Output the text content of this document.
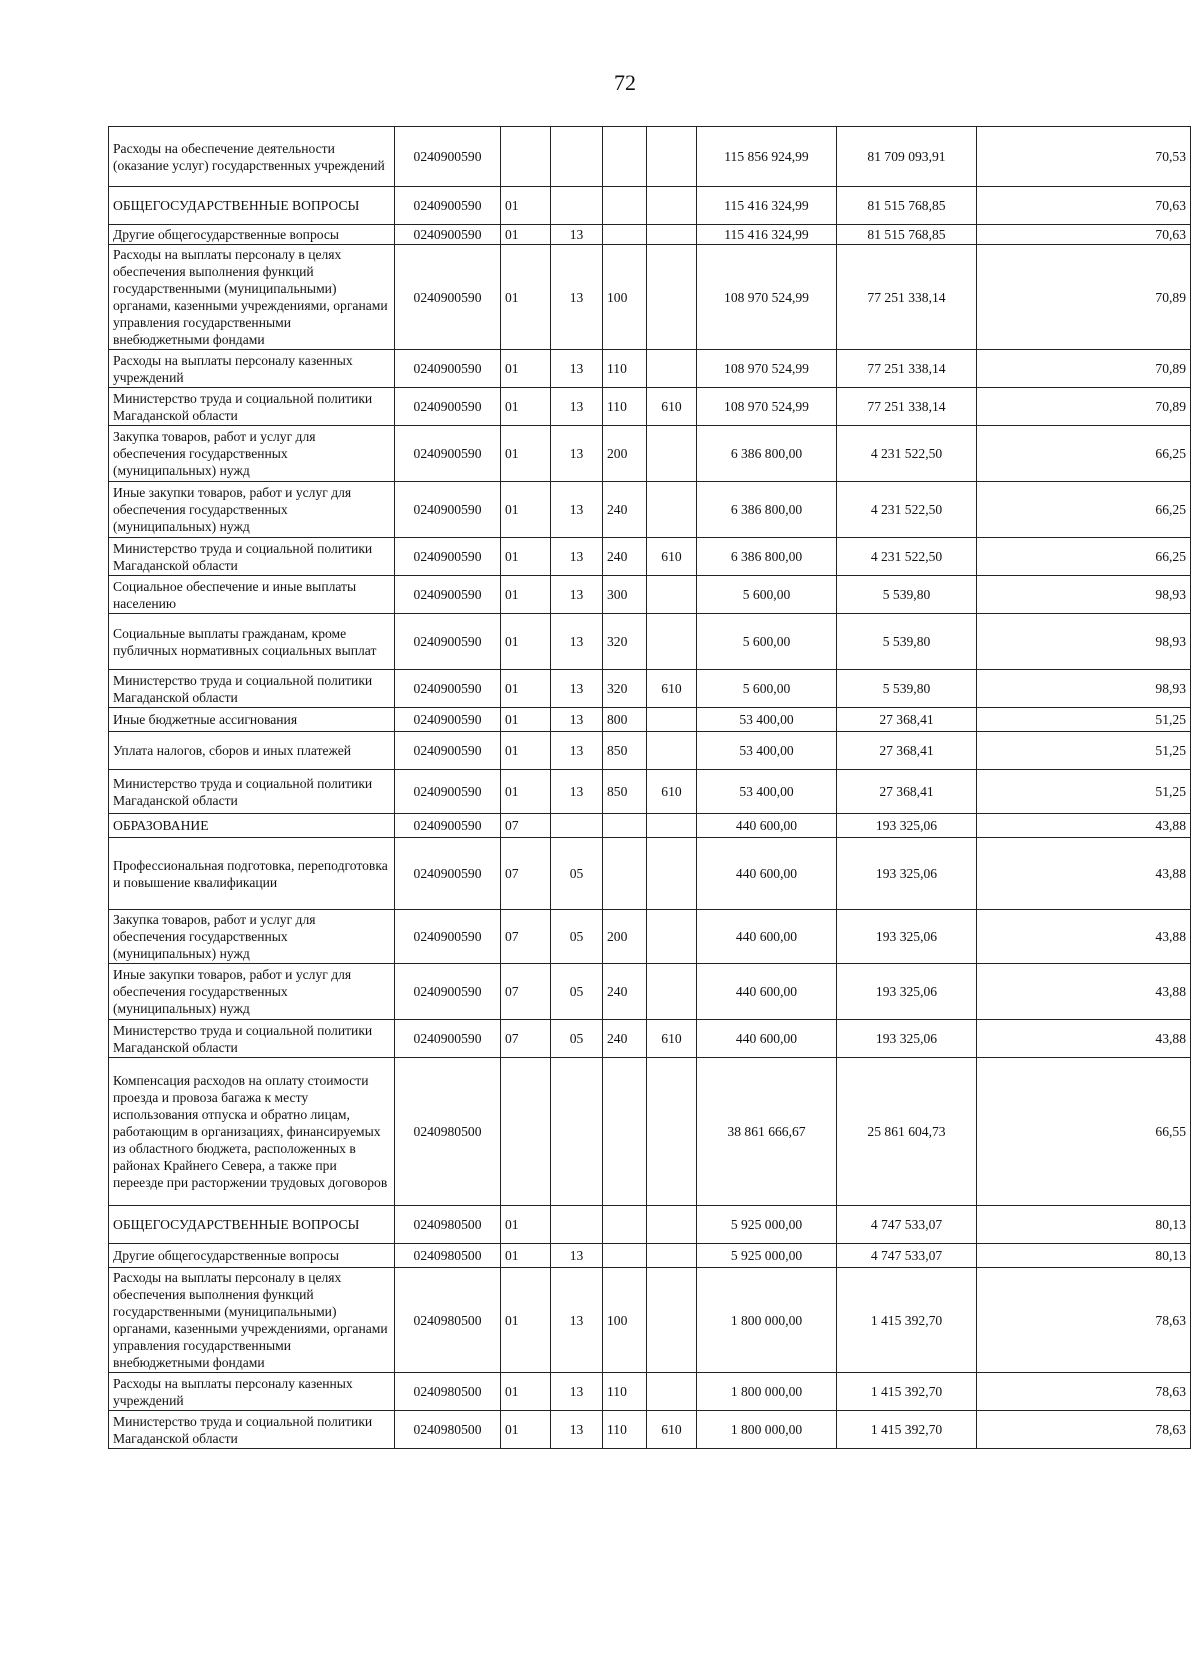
72
Расходы на обеспечение деятельности (оказание услуг) государственных учреждений	0240900590					115 856 924,99	81 709 093,91	70,53
ОБЩЕГОСУДАРСТВЕННЫЕ ВОПРОСЫ	0240900590	01				115 416 324,99	81 515 768,85	70,63
Другие общегосударственные вопросы	0240900590	01	13			115 416 324,99	81 515 768,85	70,63
Расходы на выплаты персоналу в целях обеспечения выполнения функций государственными (муниципальными) органами, казенными учреждениями, органами управления государственными внебюджетными фондами	0240900590	01	13	100		108 970 524,99	77 251 338,14	70,89
Расходы на выплаты персоналу казенных учреждений	0240900590	01	13	110		108 970 524,99	77 251 338,14	70,89
Министерство труда и социальной политики Магаданской области	0240900590	01	13	110	610	108 970 524,99	77 251 338,14	70,89
Закупка товаров, работ и услуг для обеспечения государственных (муниципальных) нужд	0240900590	01	13	200		6 386 800,00	4 231 522,50	66,25
Иные закупки товаров, работ и услуг для обеспечения государственных (муниципальных) нужд	0240900590	01	13	240		6 386 800,00	4 231 522,50	66,25
Министерство труда и социальной политики Магаданской области	0240900590	01	13	240	610	6 386 800,00	4 231 522,50	66,25
Социальное обеспечение и иные выплаты населению	0240900590	01	13	300		5 600,00	5 539,80	98,93
Социальные выплаты гражданам, кроме публичных нормативных социальных выплат	0240900590	01	13	320		5 600,00	5 539,80	98,93
Министерство труда и социальной политики Магаданской области	0240900590	01	13	320	610	5 600,00	5 539,80	98,93
Иные бюджетные ассигнования	0240900590	01	13	800		53 400,00	27 368,41	51,25
Уплата налогов, сборов и иных платежей	0240900590	01	13	850		53 400,00	27 368,41	51,25
Министерство труда и социальной политики Магаданской области	0240900590	01	13	850	610	53 400,00	27 368,41	51,25
ОБРАЗОВАНИЕ	0240900590	07				440 600,00	193 325,06	43,88
Профессиональная подготовка, переподготовка и повышение квалификации	0240900590	07	05			440 600,00	193 325,06	43,88
Закупка товаров, работ и услуг для обеспечения государственных (муниципальных) нужд	0240900590	07	05	200		440 600,00	193 325,06	43,88
Иные закупки товаров, работ и услуг для обеспечения государственных (муниципальных) нужд	0240900590	07	05	240		440 600,00	193 325,06	43,88
Министерство труда и социальной политики Магаданской области	0240900590	07	05	240	610	440 600,00	193 325,06	43,88
Компенсация расходов на оплату стоимости проезда и провоза багажа к месту использования отпуска и обратно лицам, работающим в организациях, финансируемых из областного бюджета, расположенных в районах Крайнего Севера, а также при переезде при расторжении трудовых договоров	0240980500					38 861 666,67	25 861 604,73	66,55
ОБЩЕГОСУДАРСТВЕННЫЕ ВОПРОСЫ	0240980500	01				5 925 000,00	4 747 533,07	80,13
Другие общегосударственные вопросы	0240980500	01	13			5 925 000,00	4 747 533,07	80,13
Расходы на выплаты персоналу в целях обеспечения выполнения функций государственными (муниципальными) органами, казенными учреждениями, органами управления государственными внебюджетными фондами	0240980500	01	13	100		1 800 000,00	1 415 392,70	78,63
Расходы на выплаты персоналу казенных учреждений	0240980500	01	13	110		1 800 000,00	1 415 392,70	78,63
Министерство труда и социальной политики Магаданской области	0240980500	01	13	110	610	1 800 000,00	1 415 392,70	78,63
